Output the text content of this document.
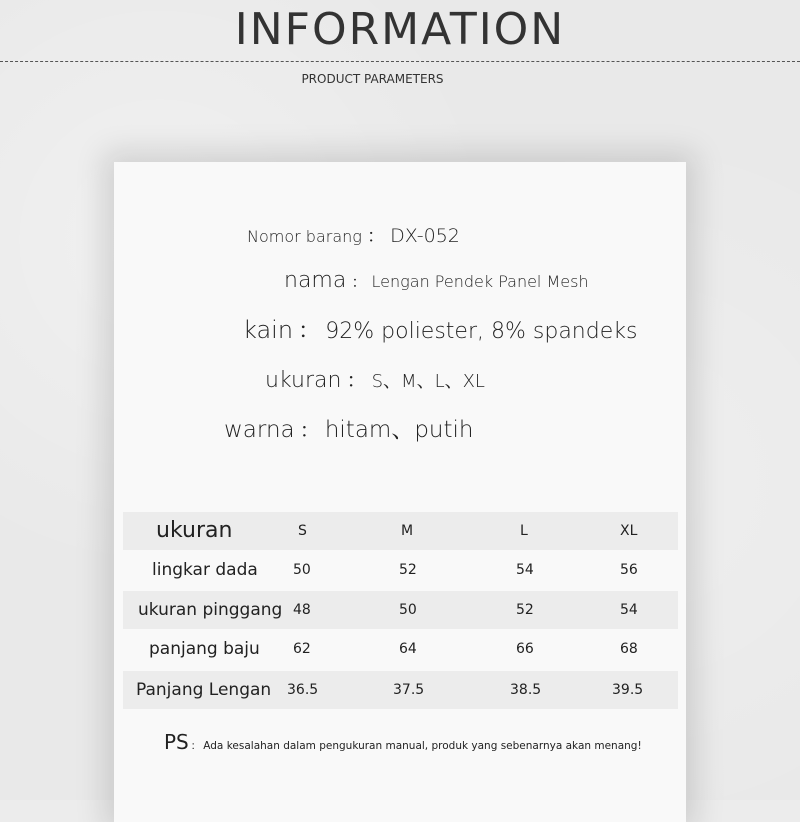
INFORMATION
PRODUCT PARAMETERS
Nomor barang ： DX-052
nama ： Lengan Pendek Panel Mesh
kain ： 92% poliester, 8% spandeks
ukuran ： S、M、L、XL
warna ： hitam、putih
ukuran	S	M	L	XL
lingkar dada	50	52	54	56
ukuran pinggang 48	50	52	54
panjang baju 62	64	66	68
Panjang Lengan 36.5	37.5	38.5	39.5
PS ： Ada kesalahan dalam pengukuran manual, produk yang sebenarnya akan menang!
